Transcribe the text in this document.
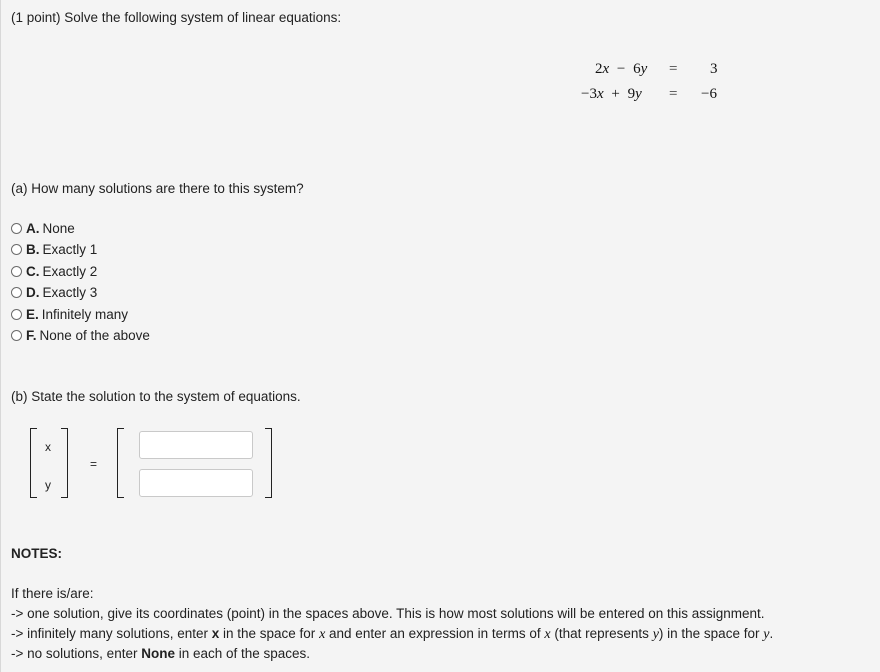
(1 point) Solve the following system of linear equations:
2x − 6y = 3
−3x + 9y = −6
(a) How many solutions are there to this system?
A. None
B. Exactly 1
C. Exactly 2
D. Exactly 3
E. Infinitely many
F. None of the above
(b) State the solution to the system of equations.
x
y
=
NOTES:
If there is/are:
-> one solution, give its coordinates (point) in the spaces above. This is how most solutions will be entered on this assignment.
-> infinitely many solutions, enter x in the space for x and enter an expression in terms of x (that represents y) in the space for y.
-> no solutions, enter None in each of the spaces.
